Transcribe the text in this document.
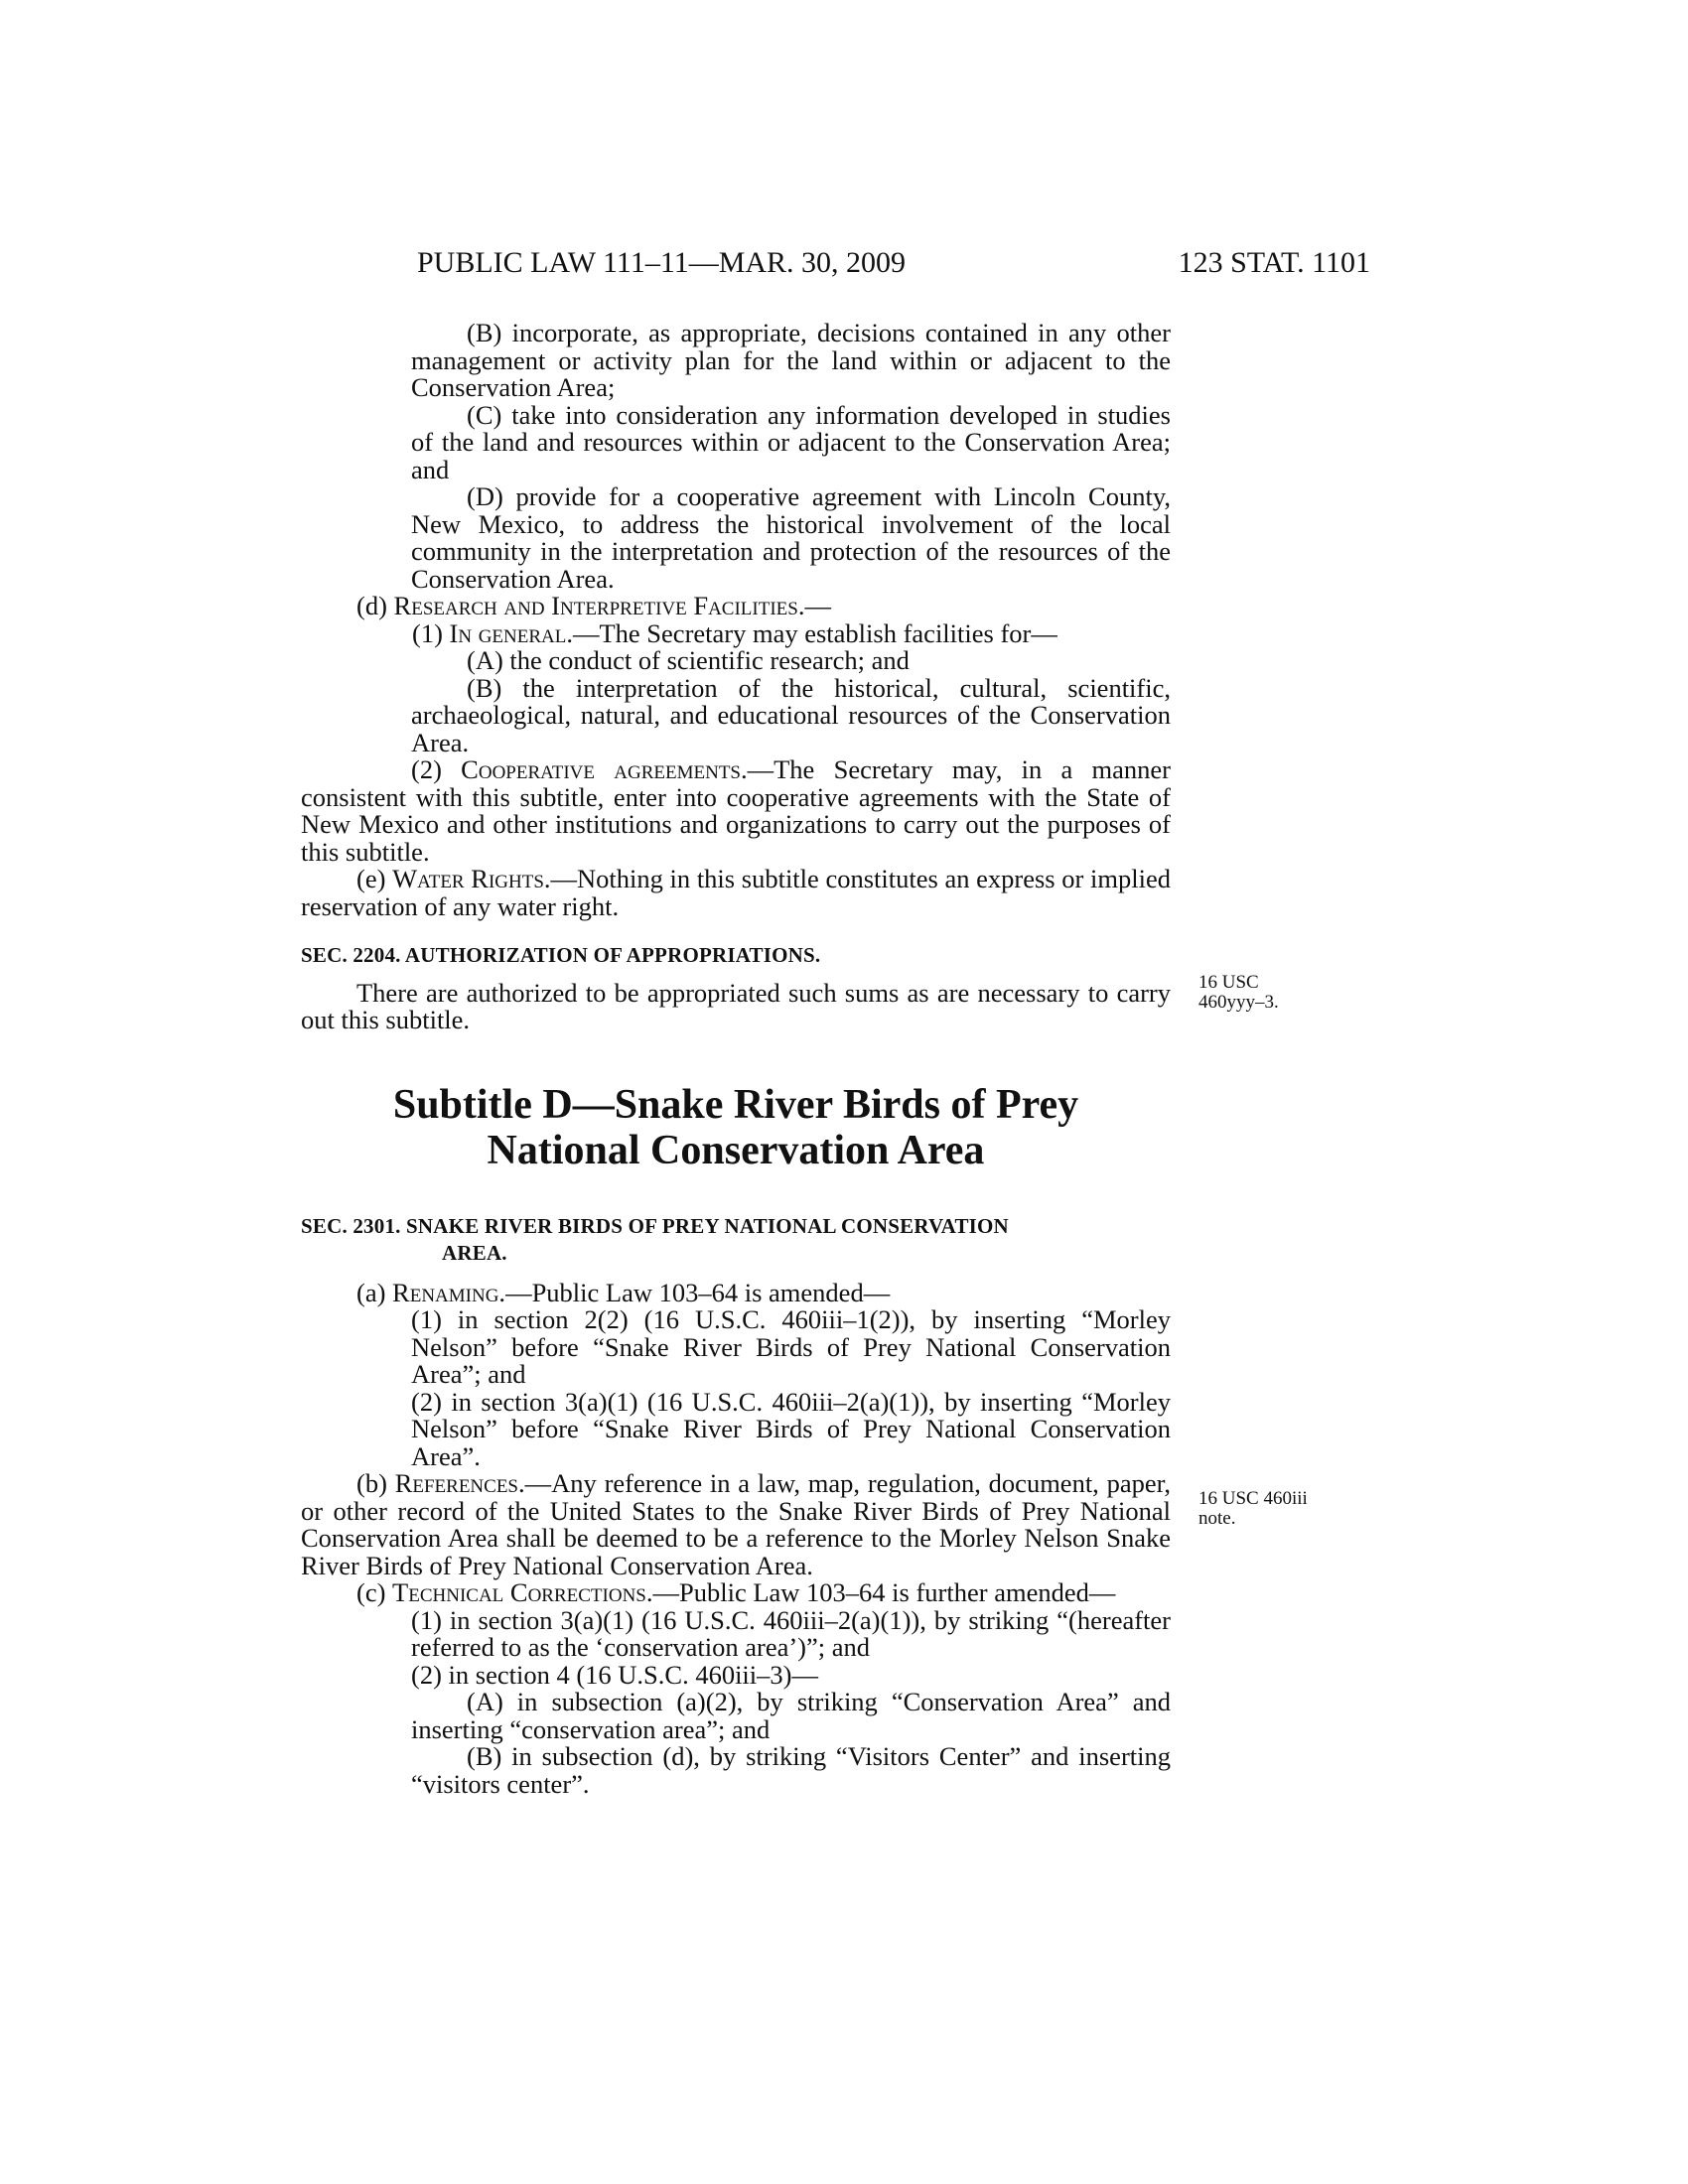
PUBLIC LAW 111–11—MAR. 30, 2009	123 STAT. 1101

(B) incorporate, as appropriate, decisions contained in any other management or activity plan for the land within or adjacent to the Conservation Area;

(C) take into consideration any information developed in studies of the land and resources within or adjacent to the Conservation Area; and

(D) provide for a cooperative agreement with Lincoln County, New Mexico, to address the historical involvement of the local community in the interpretation and protection of the resources of the Conservation Area.

(d) Research and Interpretive Facilities.—

(1) In general.—The Secretary may establish facilities for—

(A) the conduct of scientific research; and

(B) the interpretation of the historical, cultural, scientific, archaeological, natural, and educational resources of the Conservation Area.

(2) Cooperative agreements.—The Secretary may, in a manner consistent with this subtitle, enter into cooperative agreements with the State of New Mexico and other institutions and organizations to carry out the purposes of this subtitle.

(e) Water Rights.—Nothing in this subtitle constitutes an express or implied reservation of any water right.

SEC. 2204. AUTHORIZATION OF APPROPRIATIONS.

There are authorized to be appropriated such sums as are necessary to carry out this subtitle.

Subtitle D—Snake River Birds of Prey

National Conservation Area

SEC. 2301. SNAKE RIVER BIRDS OF PREY NATIONAL CONSERVATION

AREA.

(a) Renaming.—Public Law 103–64 is amended—

(1) in section 2(2) (16 U.S.C. 460iii–1(2)), by inserting “Morley Nelson” before “Snake River Birds of Prey National Conservation Area”; and

(2) in section 3(a)(1) (16 U.S.C. 460iii–2(a)(1)), by inserting “Morley Nelson” before “Snake River Birds of Prey National Conservation Area”.

(b) References.—Any reference in a law, map, regulation, document, paper, or other record of the United States to the Snake River Birds of Prey National Conservation Area shall be deemed to be a reference to the Morley Nelson Snake River Birds of Prey National Conservation Area.

(c) Technical Corrections.—Public Law 103–64 is further amended—

(1) in section 3(a)(1) (16 U.S.C. 460iii–2(a)(1)), by striking “(hereafter referred to as the ‘conservation area’)”; and

(2) in section 4 (16 U.S.C. 460iii–3)—

(A) in subsection (a)(2), by striking “Conservation Area” and inserting “conservation area”; and

(B) in subsection (d), by striking “Visitors Center” and inserting “visitors center”.

16 USC
460yyy–3.
16 USC 460iii
note.
